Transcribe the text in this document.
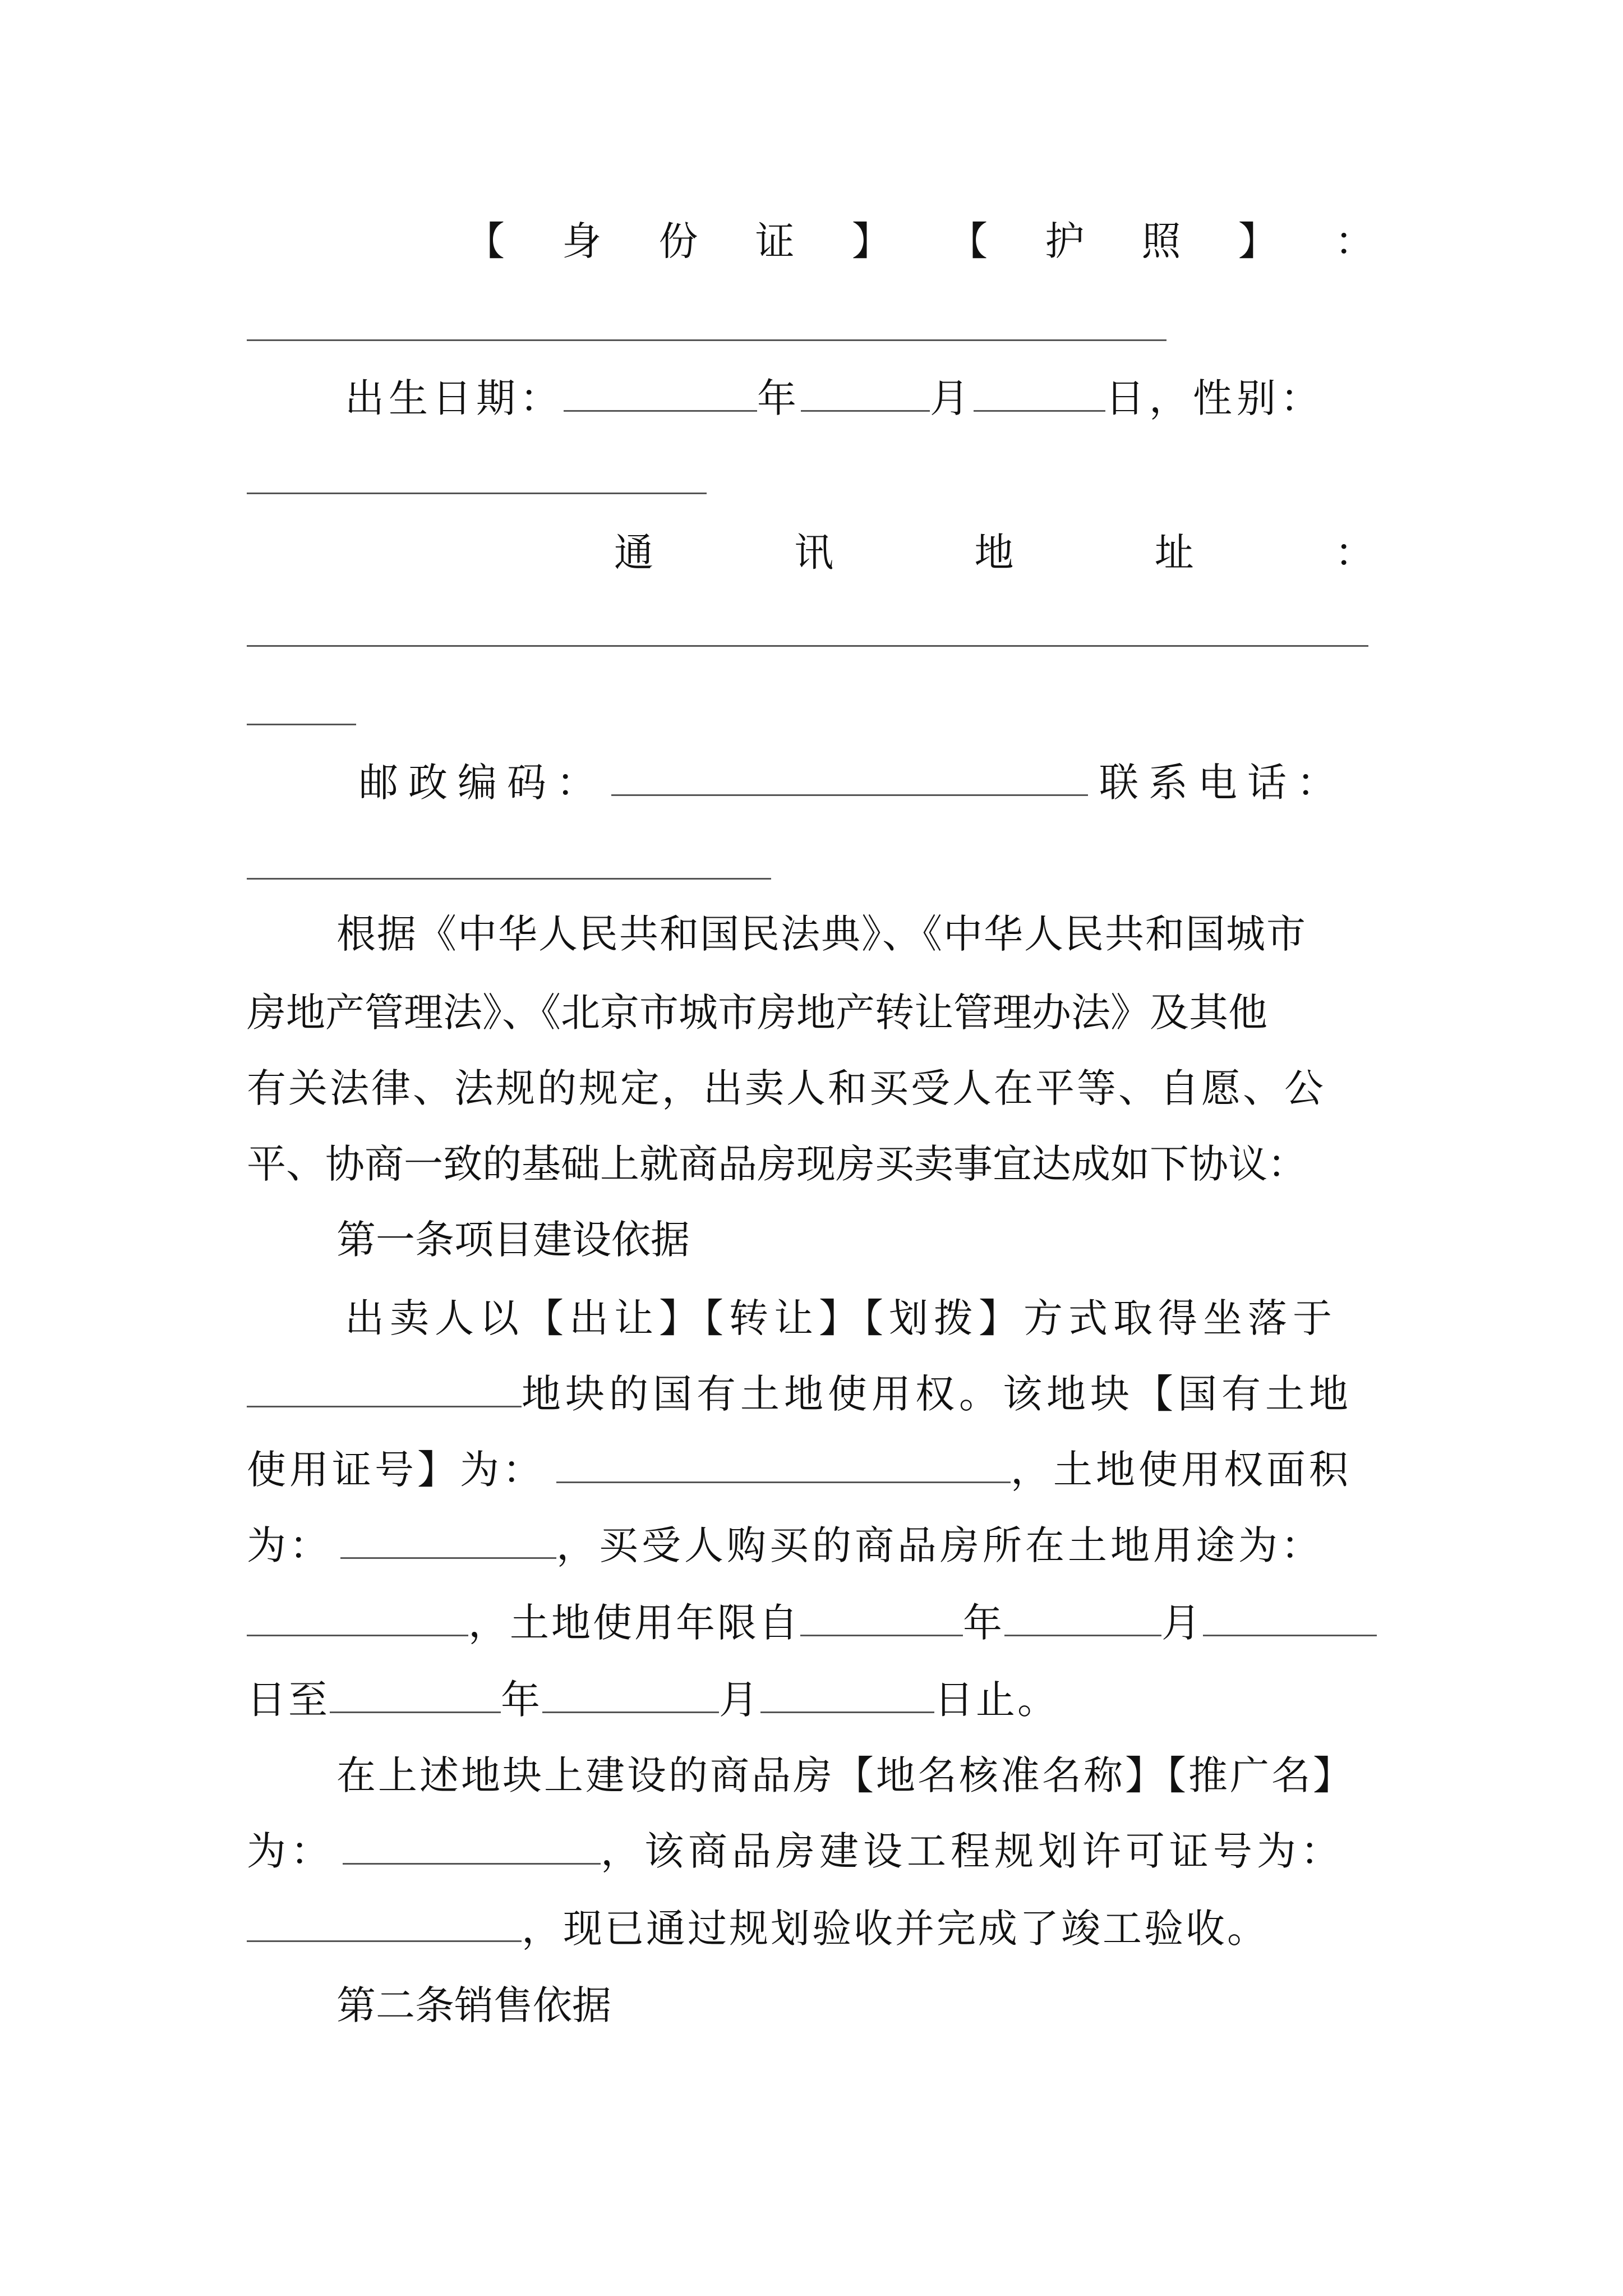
【 身 份 证 】 【 护 照 】 ：
出生日期：	年	月	日，性别：
通	讯	地	址	：
邮政编码：	联系电话：
根据《中华人民共和国民法典》、《中华人民共和国城市
房地产管理法》、《北京市城市房地产转让管理办法》及其他
有关法律、法规的规定，出卖人和买受人在平等、自愿、公
平、协商一致的基础上就商品房现房买卖事宜达成如下协议：
第一条项目建设依据
出卖人以【出让】【转让】【划拨】方式取得坐落于
地块的国有土地使用权。该地块【国有土地
使用证号】为：	，土地使用权面积
为：	，买受人购买的商品房所在土地用途为：
，土地使用年限自	年	月
日至	年	月	日止。
在上述地块上建设的商品房【地名核准名称】【推广名】
为：	，该商品房建设工程规划许可证号为：
，现已通过规划验收并完成了竣工验收。
第二条销售依据
